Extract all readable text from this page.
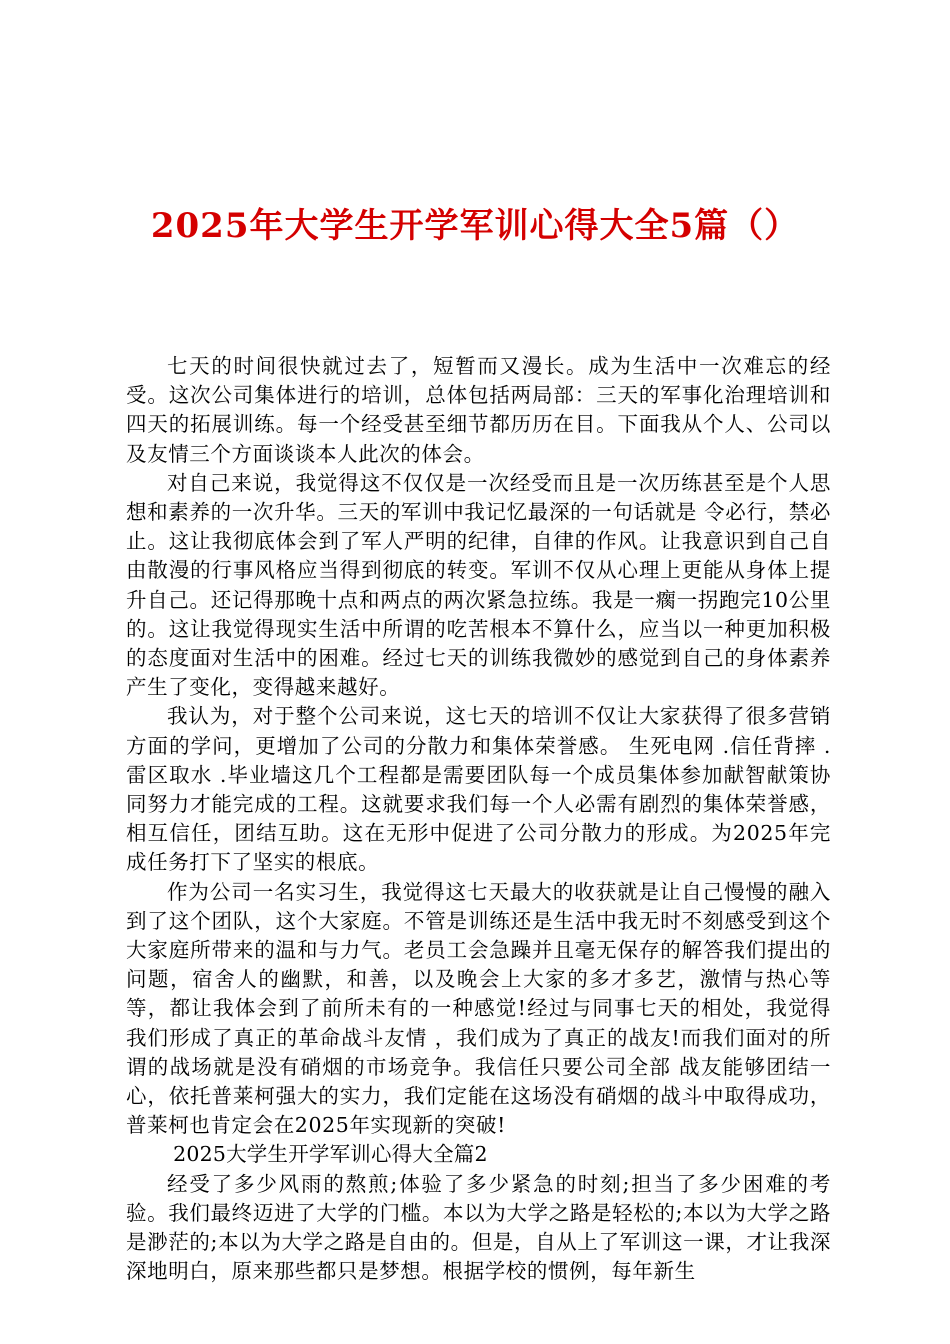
2025年大学生开学军训心得大全5篇（）

七天的时间很快就过去了，短暂而又漫长。成为生活中一次难忘的经受。这次公司集体进行的培训，总体包括两局部：三天的军事化治理培训和四天的拓展训练。每一个经受甚至细节都历历在目。下面我从个人、公司以及友情三个方面谈谈本人此次的体会。

对自己来说，我觉得这不仅仅是一次经受而且是一次历练甚至是个人思想和素养的一次升华。三天的军训中我记忆最深的一句话就是 令必行，禁必止。这让我彻底体会到了军人严明的纪律，自律的作风。让我意识到自己自由散漫的行事风格应当得到彻底的转变。军训不仅从心理上更能从身体上提升自己。还记得那晚十点和两点的两次紧急拉练。我是一瘸一拐跑完10公里的。这让我觉得现实生活中所谓的吃苦根本不算什么，应当以一种更加积极的态度面对生活中的困难。经过七天的训练我微妙的感觉到自己的身体素养产生了变化，变得越来越好。

我认为，对于整个公司来说，这七天的培训不仅让大家获得了很多营销方面的学问，更增加了公司的分散力和集体荣誉感。 生死电网 .信任背摔 . 雷区取水 .毕业墙这几个工程都是需要团队每一个成员集体参加献智献策协同努力才能完成的工程。这就要求我们每一个人必需有剧烈的集体荣誉感，相互信任，团结互助。这在无形中促进了公司分散力的形成。为2025年完成任务打下了坚实的根底。

作为公司一名实习生，我觉得这七天最大的收获就是让自己慢慢的融入到了这个团队，这个大家庭。不管是训练还是生活中我无时不刻感受到这个大家庭所带来的温和与力气。老员工会急躁并且毫无保存的解答我们提出的问题，宿舍人的幽默，和善，以及晚会上大家的多才多艺，激情与热心等等，都让我体会到了前所未有的一种感觉!经过与同事七天的相处，我觉得我们形成了真正的革命战斗友情 ，我们成为了真正的战友!而我们面对的所谓的战场就是没有硝烟的市场竞争。我信任只要公司全部 战友能够团结一心，依托普莱柯强大的实力，我们定能在这场没有硝烟的战斗中取得成功，普莱柯也肯定会在2025年实现新的突破!

2025大学生开学军训心得大全篇2

经受了多少风雨的熬煎;体验了多少紧急的时刻;担当了多少困难的考验。我们最终迈进了大学的门槛。本以为大学之路是轻松的;本以为大学之路是渺茫的;本以为大学之路是自由的。但是，自从上了军训这一课，才让我深深地明白，原来那些都只是梦想。根据学校的惯例，每年新生
